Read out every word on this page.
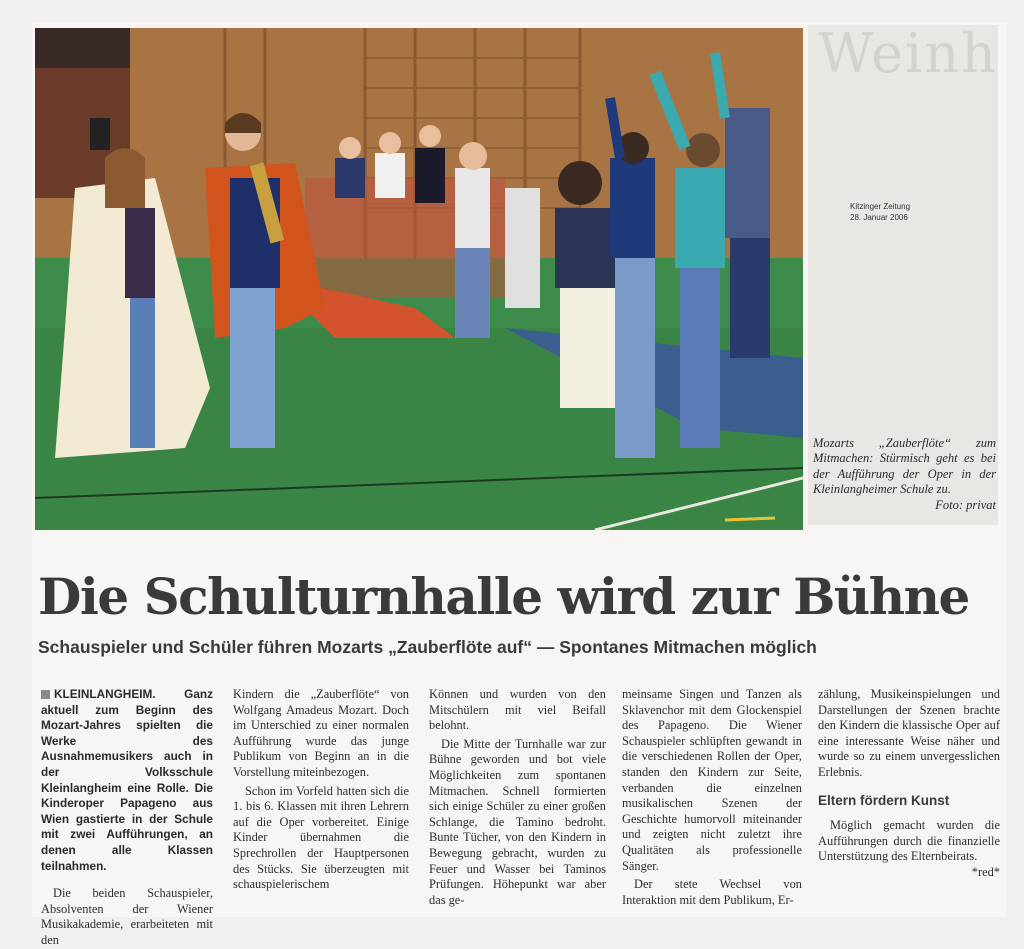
Weinh
Kitzinger Zeitung
28. Januar 2006
Mozarts „Zauberflöte“ zum Mitmachen: Stürmisch geht es bei der Aufführung der Oper in der Kleinlangheimer Schule zu.
Foto: privat
Die Schulturnhalle wird zur Bühne
Schauspieler und Schüler führen Mozarts „Zauberflöte auf“ — Spontanes Mitmachen möglich

KLEINLANGHEIM. Ganz aktuell zum Beginn des Mozart-Jahres spielten die Werke des Ausnahmemusikers auch in der Volksschule Kleinlangheim eine Rolle. Die Kinderoper Papageno aus Wien gastierte in der Schule mit zwei Aufführungen, an denen alle Klassen teilnahmen.

Die beiden Schauspieler, Absolventen der Wiener Musikakademie, erarbeiteten mit den

Kindern die „Zauberflöte“ von Wolfgang Amadeus Mozart. Doch im Unterschied zu einer normalen Aufführung wurde das junge Publikum von Beginn an in die Vorstellung miteinbezogen.

Schon im Vorfeld hatten sich die 1. bis 6. Klassen mit ihren Lehrern auf die Oper vorbereitet. Einige Kinder übernahmen die Sprechrollen der Hauptpersonen des Stücks. Sie überzeugten mit schauspielerischem

Können und wurden von den Mitschülern mit viel Beifall belohnt.

Die Mitte der Turnhalle war zur Bühne geworden und bot viele Möglichkeiten zum spontanen Mitmachen. Schnell formierten sich einige Schüler zu einer großen Schlange, die Tamino bedroht. Bunte Tücher, von den Kindern in Bewegung gebracht, wurden zu Feuer und Wasser bei Taminos Prüfungen. Höhepunkt war aber das ge-

meinsame Singen und Tanzen als Sklavenchor mit dem Glockenspiel des Papageno. Die Wiener Schauspieler schlüpften gewandt in die verschiedenen Rollen der Oper, standen den Kindern zur Seite, verbanden die einzelnen musikalischen Szenen der Geschichte humorvoll miteinander und zeigten nicht zuletzt ihre Qualitäten als professionelle Sänger.

Der stete Wechsel von Interaktion mit dem Publikum, Er-

zählung, Musikeinspielungen und Darstellungen der Szenen brachte den Kindern die klassische Oper auf eine interessante Weise näher und wurde so zu einem unvergesslichen Erlebnis.

Eltern fördern Kunst

Möglich gemacht wurden die Aufführungen durch die finanzielle Unterstützung des Elternbeirats.
*red*
